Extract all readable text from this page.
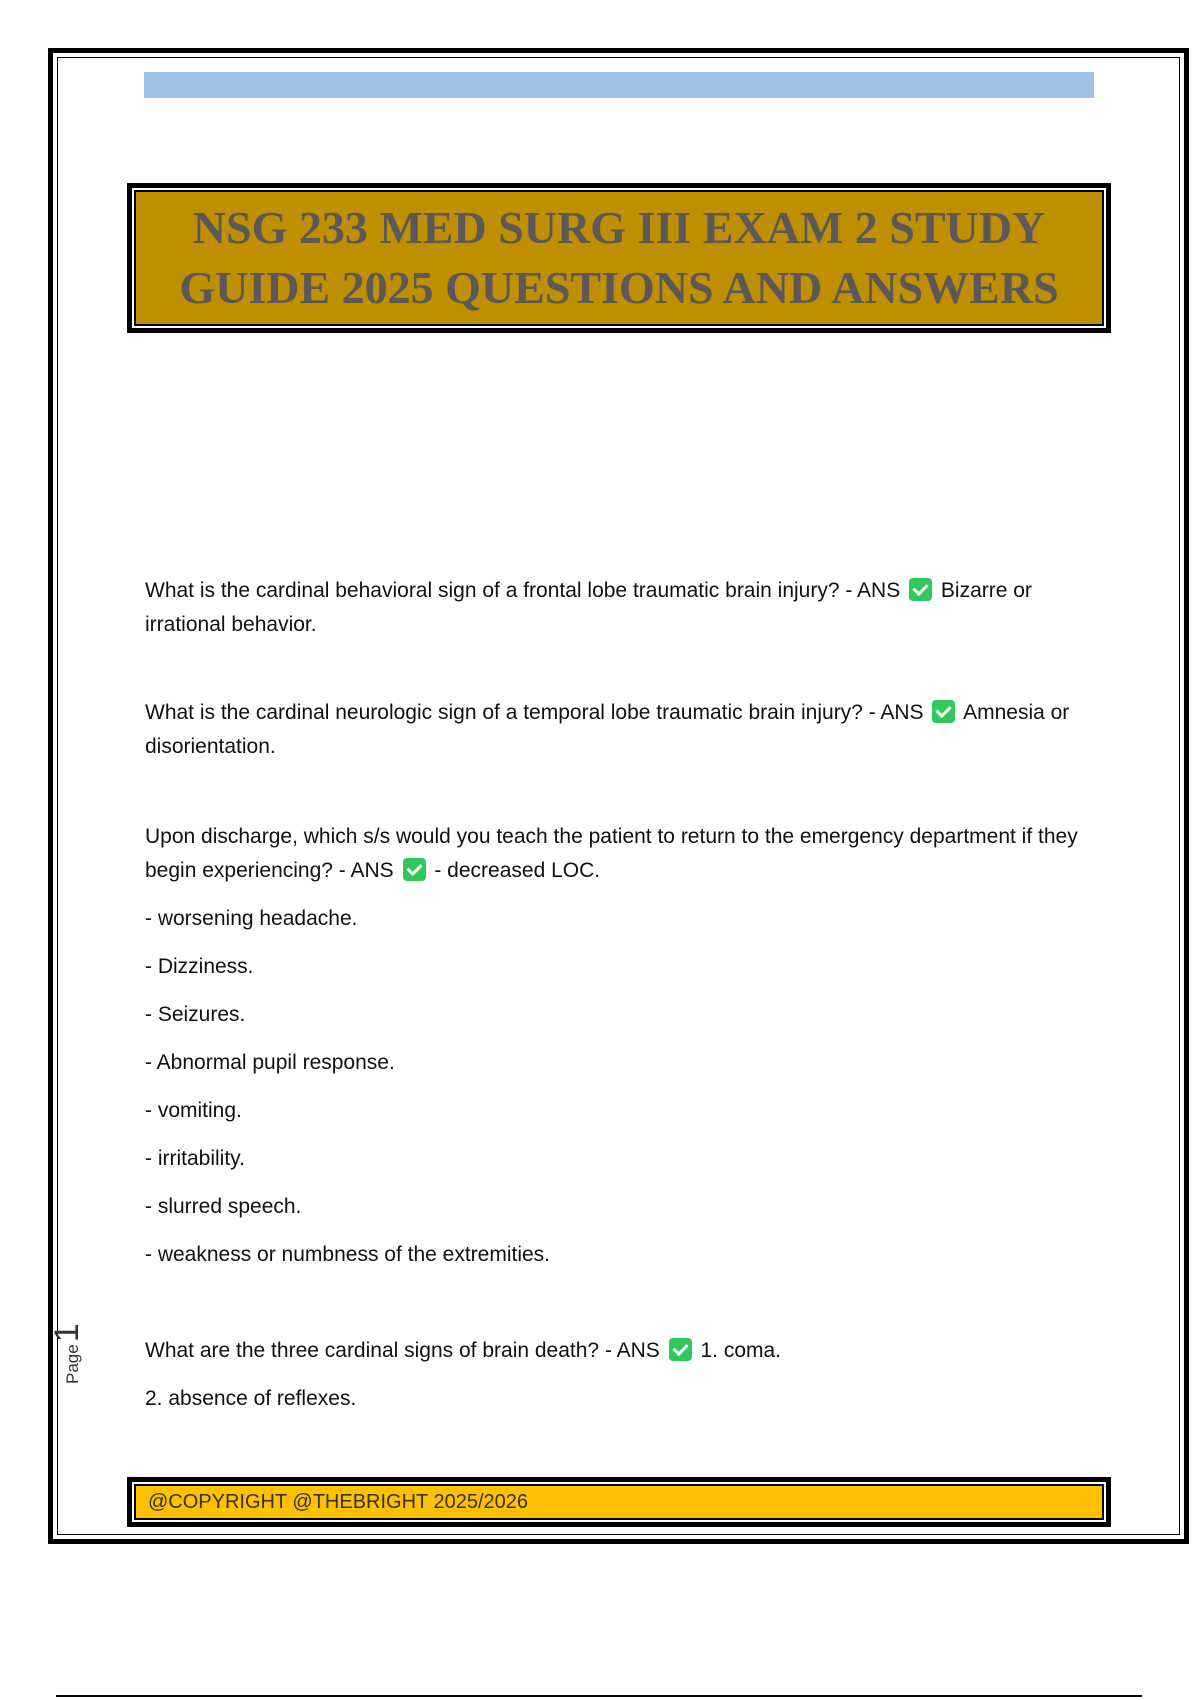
NSG 233 MED SURG III EXAM 2 STUDY
GUIDE 2025 QUESTIONS AND ANSWERS

What is the cardinal behavioral sign of a frontal lobe traumatic brain injury? - ANS Bizarre or irrational behavior.

What is the cardinal neurologic sign of a temporal lobe traumatic brain injury? - ANS Amnesia or disorientation.

Upon discharge, which s/s would you teach the patient to return to the emergency department if they begin experiencing? - ANS - decreased LOC.

- worsening headache.

- Dizziness.

- Seizures.

- Abnormal pupil response.

- vomiting.

- irritability.

- slurred speech.

- weakness or numbness of the extremities.

What are the three cardinal signs of brain death? - ANS 1. coma.

2. absence of reflexes.

Page
1
@COPYRIGHT @THEBRIGHT 2025/2026
